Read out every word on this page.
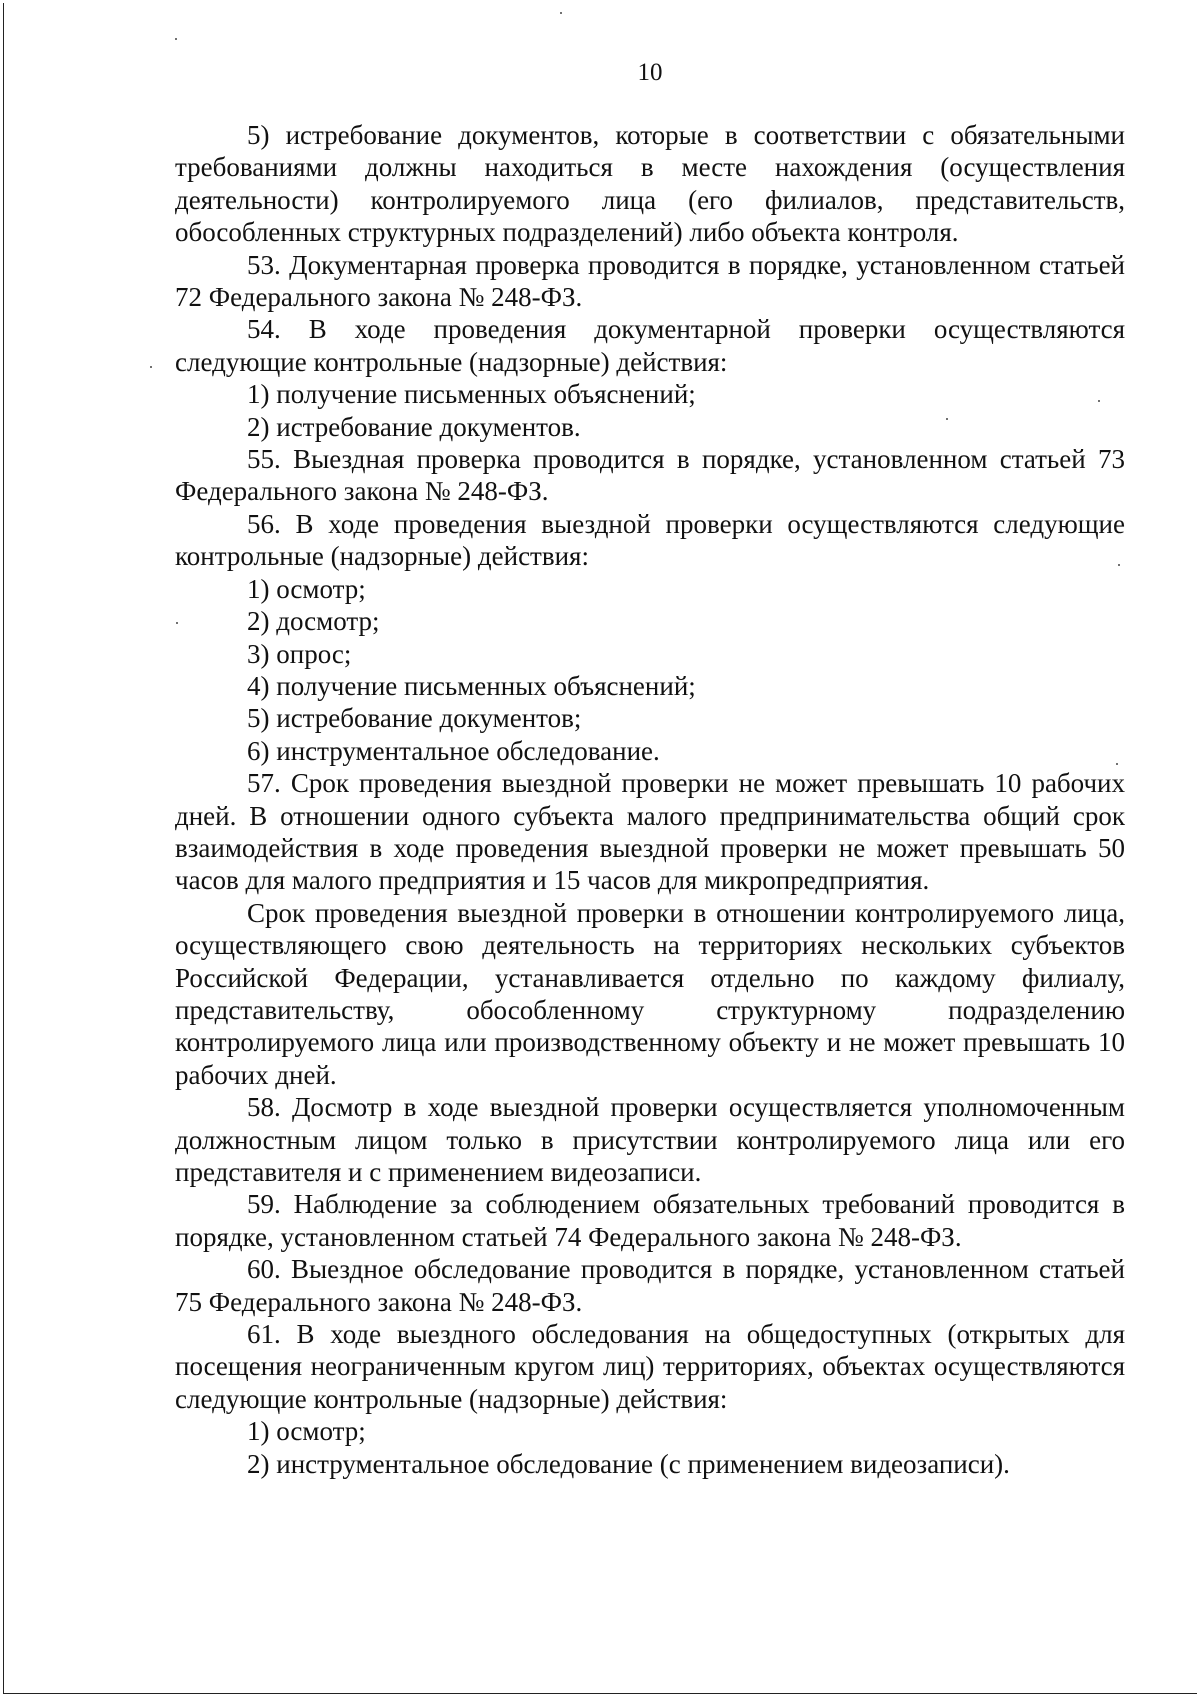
10

5) истребование документов, которые в соответствии с обязательными требованиями должны находиться в месте нахождения (осуществления деятельности) контролируемого лица (его филиалов, представительств, обособленных структурных подразделений) либо объекта контроля.

53. Документарная проверка проводится в порядке, установленном статьей 72 Федерального закона № 248-ФЗ.

54. В ходе проведения документарной проверки осуществляются следующие контрольные (надзорные) действия:

1) получение письменных объяснений;

2) истребование документов.

55. Выездная проверка проводится в порядке, установленном статьей 73 Федерального закона № 248-ФЗ.

56. В ходе проведения выездной проверки осуществляются следующие контрольные (надзорные) действия:

1) осмотр;

2) досмотр;

3) опрос;

4) получение письменных объяснений;

5) истребование документов;

6) инструментальное обследование.

57. Срок проведения выездной проверки не может превышать 10 рабочих дней. В отношении одного субъекта малого предпринимательства общий срок взаимодействия в ходе проведения выездной проверки не может превышать 50 часов для малого предприятия и 15 часов для микропредприятия.

Срок проведения выездной проверки в отношении контролируемого лица, осуществляющего свою деятельность на территориях нескольких субъектов Российской Федерации, устанавливается отдельно по каждому филиалу, представительству, обособленному структурному подразделению контролируемого лица или производственному объекту и не может превышать 10 рабочих дней.

58. Досмотр в ходе выездной проверки осуществляется уполномоченным должностным лицом только в присутствии контролируемого лица или его представителя и с применением видеозаписи.

59. Наблюдение за соблюдением обязательных требований проводится в порядке, установленном статьей 74 Федерального закона № 248-ФЗ.

60. Выездное обследование проводится в порядке, установленном статьей 75 Федерального закона № 248-ФЗ.

61. В ходе выездного обследования на общедоступных (открытых для посещения неограниченным кругом лиц) территориях, объектах осуществляются следующие контрольные (надзорные) действия:

1) осмотр;

2) инструментальное обследование (с применением видеозаписи).
